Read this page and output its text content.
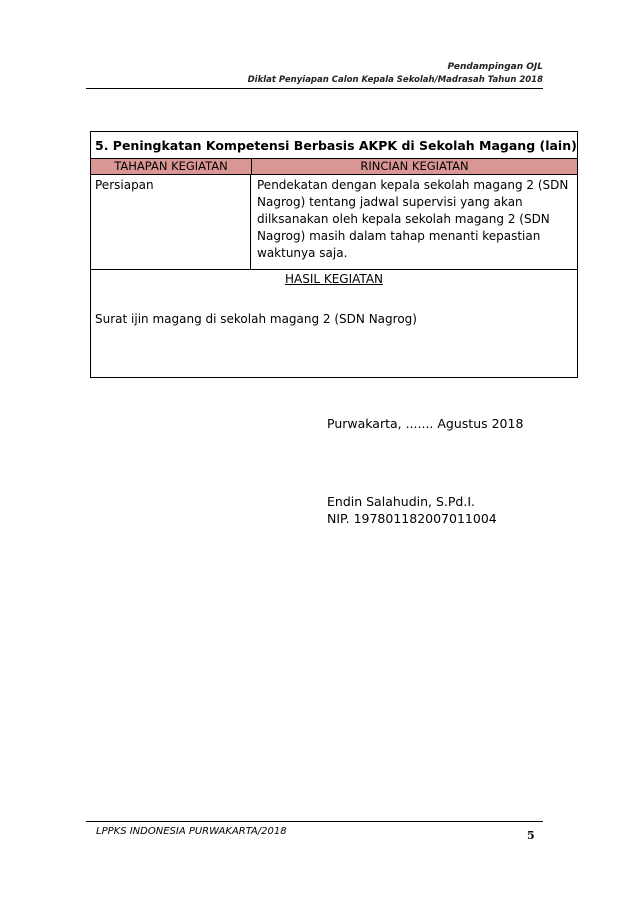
Pendampingan OJL
Diklat Penyiapan Calon Kepala Sekolah/Madrasah Tahun 2018
5. Peningkatan Kompetensi Berbasis AKPK di Sekolah Magang (lain)
TAHAPAN KEGIATAN	RINCIAN KEGIATAN
Persiapan	Pendekatan dengan kepala sekolah magang 2 (SDN
Nagrog) tentang jadwal supervisi yang akan
dilksanakan oleh kepala sekolah magang 2 (SDN
Nagrog) masih dalam tahap menanti kepastian
waktunya saja.
HASIL KEGIATAN
Surat ijin magang di sekolah magang 2 (SDN Nagrog)
Purwakarta, ....... Agustus 2018
Endin Salahudin, S.Pd.I.
NIP. 197801182007011004
LPPKS INDONESIA PURWAKARTA/2018	5
